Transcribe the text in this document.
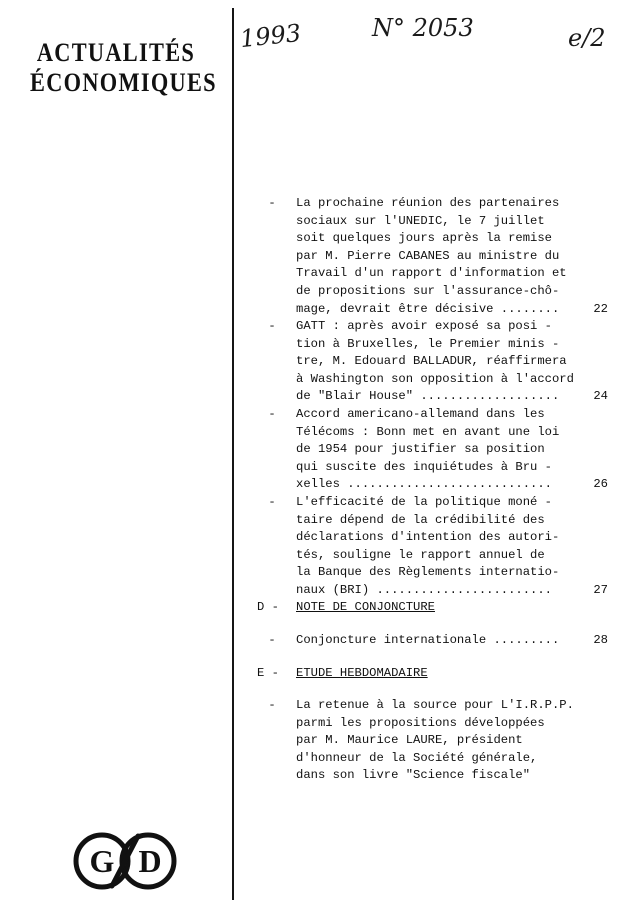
ACTUALITÉS
ÉCONOMIQUES
1993	N° 2053	e/2
- La prochaine réunion des partenaires
sociaux sur l'UNEDIC, le 7 juillet
soit quelques jours après la remise
par M. Pierre CABANES au ministre du
Travail d'un rapport d'information et
de propositions sur l'assurance-chô-
mage, devrait être décisive ........	22
- GATT : après avoir exposé sa posi -
tion à Bruxelles, le Premier minis -
tre, M. Edouard BALLADUR, réaffirmera
à Washington son opposition à l'accord
de "Blair House" ...................	24
- Accord americano-allemand dans les
Télécoms : Bonn met en avant une loi
de 1954 pour justifier sa position
qui suscite des inquiétudes à Bru -
xelles ............................	26
- L'efficacité de la politique moné -
taire dépend de la crédibilité des
déclarations d'intention des autori-
tés, souligne le rapport annuel de
la Banque des Règlements internatio-
naux (BRI) ........................	27
D - NOTE DE CONJONCTURE
- Conjoncture internationale .........	28
E - ETUDE HEBDOMADAIRE
- La retenue à la source pour L'I.R.P.P.
parmi les propositions développées
par M. Maurice LAURE, président
d'honneur de la Société générale,
dans son livre "Science fiscale"
G D
